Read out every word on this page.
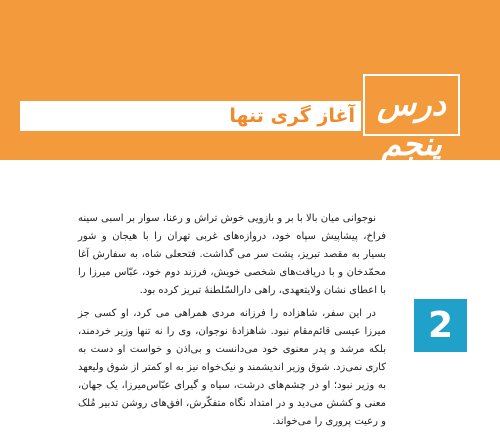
درس پنجم
آغاز گری تنها

نوجوانی میان بالا با بر و بازویی خوش تراش و رعنا، سوار بر اسبی سینه فراخ، پیشاپیش سپاه خود، دروازه‌های غربی تهران را با هیجان و شور بسیار به مقصد تبریز، پشت سر می گذاشت. فتحعلی شاه، به سفارش آغا محمّدخان و با دریافت‌های شخصی خویش، فرزند دوم خود، عبّاس میرزا را با اعطای نشان ولایتعهدی، راهی دارالسّلطنهٔ تبریز کرده بود.

در این سفر، شاهزاده را فرزانه مردی همراهی می کرد، او کسی جز میرزا عیسی قائم‌مقام نبود. شاهزادهٔ نوجوان، وی را نه تنها وزیر خردمند، بلکه مرشد و پدر معنوی خود می‌دانست و بی‌اذن و خواست او دست به کاری نمی‌زد. شوق وزیر اندیشمند و نیک‌خواه نیز به او کمتر از شوق ولیعهد به وزیر نبود؛ او در چشم‌های درشت، سیاه و گیرای عبّاس‌میرزا، یک جهان، معنی و کشش می‌دید و در امتداد نگاه متفکّرش، افق‌های روشن تدبیر مُلک و رعیت پروری را می‌خواند.

2
